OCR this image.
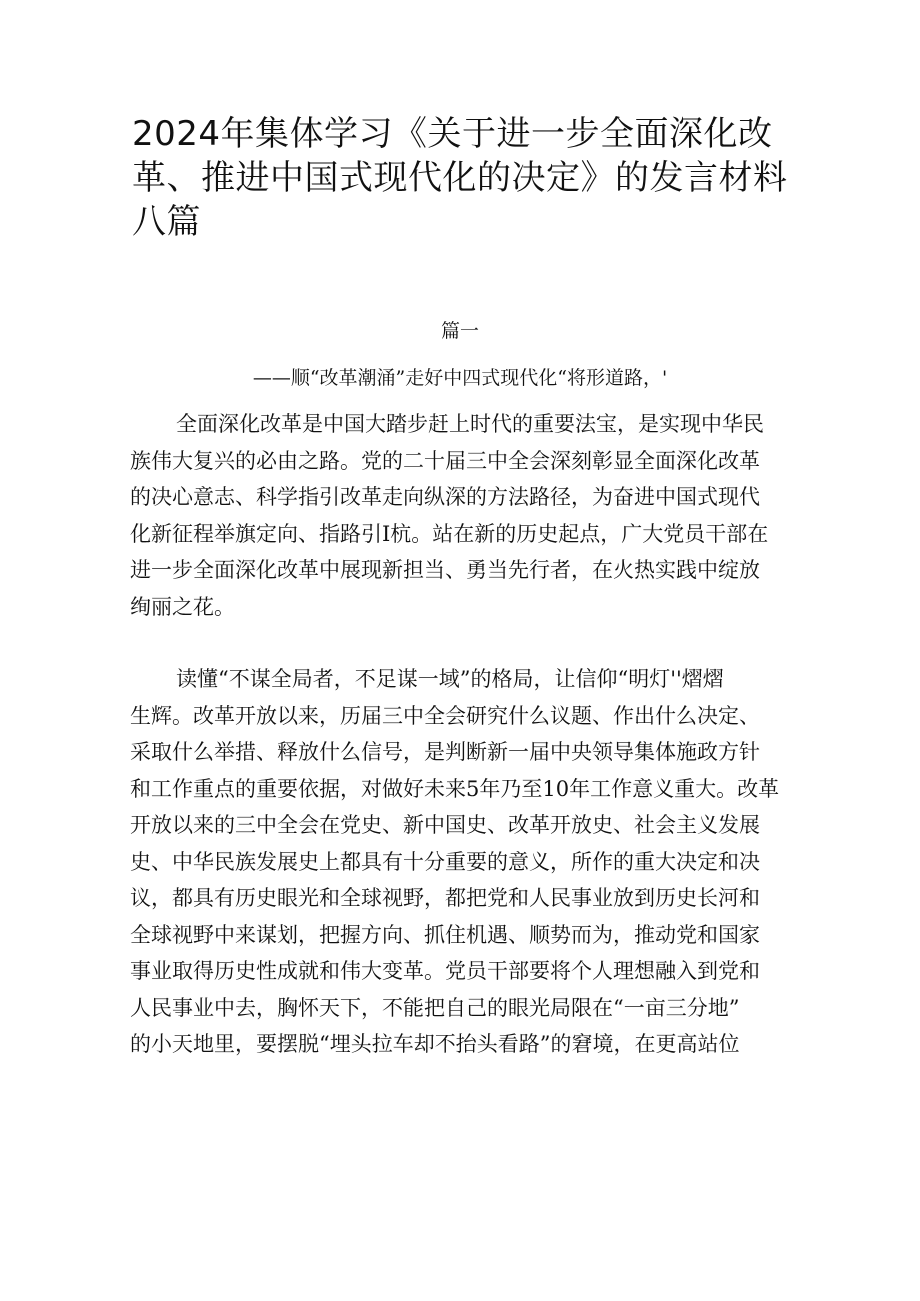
2024年集体学习《关于进一步全面深化改
革、推进中国式现代化的决定》的发言材料
八篇
篇一
——顺“改革潮涌”走好中四式现代化“将形道路，'
全面深化改革是中国大踏步赶上时代的重要法宝，是实现中华民
族伟大复兴的必由之路。党的二十届三中全会深刻彰显全面深化改革
的决心意志、科学指引改革走向纵深的方法路径，为奋进中国式现代
化新征程举旗定向、指路引I杭。站在新的历史起点，广大党员干部在
进一步全面深化改革中展现新担当、勇当先行者，在火热实践中绽放
绚丽之花。
读懂“不谋全局者，不足谋一域”的格局，让信仰“明灯''熠熠
生辉。改革开放以来，历届三中全会研究什么议题、作出什么决定、
采取什么举措、释放什么信号，是判断新一届中央领导集体施政方针
和工作重点的重要依据，对做好未来5年乃至10年工作意义重大。改革
开放以来的三中全会在党史、新中国史、改革开放史、社会主义发展
史、中华民族发展史上都具有十分重要的意义，所作的重大决定和决
议，都具有历史眼光和全球视野，都把党和人民事业放到历史长河和
全球视野中来谋划，把握方向、抓住机遇、顺势而为，推动党和国家
事业取得历史性成就和伟大变革。党员干部要将个人理想融入到党和
人民事业中去，胸怀天下，不能把自己的眼光局限在“一亩三分地”
的小天地里，要摆脱“埋头拉车却不抬头看路”的窘境，在更高站位
